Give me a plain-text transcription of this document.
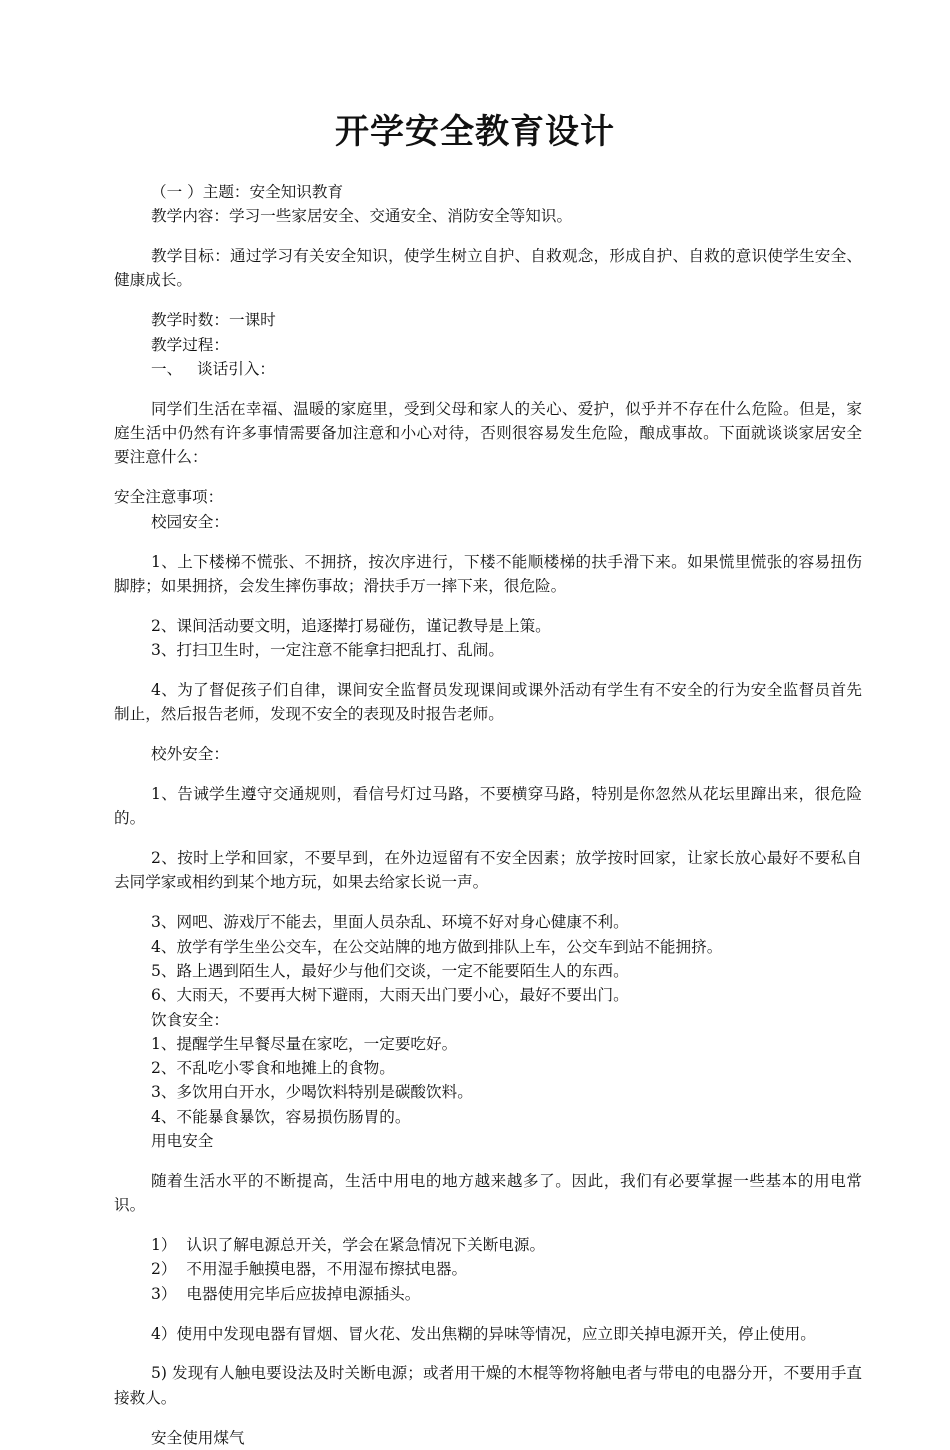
开学安全教育设计

（一 ）主题：安全知识教育

教学内容：学习一些家居安全、交通安全、消防安全等知识。

教学目标：通过学习有关安全知识，使学生树立自护、自救观念，形成自护、自救的意识使学生安全、健康成长。

教学时数：一课时

教学过程：

一、   谈话引入：

同学们生活在幸福、温暖的家庭里，受到父母和家人的关心、爱护，似乎并不存在什么危险。但是，家庭生活中仍然有许多事情需要备加注意和小心对待，否则很容易发生危险，酿成事故。下面就谈谈家居安全要注意什么：

安全注意事项：

校园安全：

1、上下楼梯不慌张、不拥挤，按次序进行，下楼不能顺楼梯的扶手滑下来。如果慌里慌张的容易扭伤脚脖；如果拥挤，会发生摔伤事故；滑扶手万一摔下来，很危险。

2、课间活动要文明，追逐撵打易碰伤，谨记教导是上策。

3、打扫卫生时，一定注意不能拿扫把乱打、乱闹。

4、为了督促孩子们自律，课间安全监督员发现课间或课外活动有学生有不安全的行为安全监督员首先制止，然后报告老师，发现不安全的表现及时报告老师。

校外安全：

1、告诫学生遵守交通规则，看信号灯过马路，不要横穿马路，特别是你忽然从花坛里蹿出来，很危险的。

2、按时上学和回家，不要早到，在外边逗留有不安全因素；放学按时回家，让家长放心最好不要私自去同学家或相约到某个地方玩，如果去给家长说一声。

3、网吧、游戏厅不能去，里面人员杂乱、环境不好对身心健康不利。

4、放学有学生坐公交车，在公交站牌的地方做到排队上车，公交车到站不能拥挤。

5、路上遇到陌生人，最好少与他们交谈，一定不能要陌生人的东西。

6、大雨天，不要再大树下避雨，大雨天出门要小心，最好不要出门。

饮食安全：

1、提醒学生早餐尽量在家吃，一定要吃好。

2、不乱吃小零食和地摊上的食物。

3、多饮用白开水，少喝饮料特别是碳酸饮料。

4、不能暴食暴饮，容易损伤肠胃的。

用电安全

随着生活水平的不断提高，生活中用电的地方越来越多了。因此，我们有必要掌握一些基本的用电常识。

1）  认识了解电源总开关，学会在紧急情况下关断电源。

2）  不用湿手触摸电器，不用湿布擦拭电器。

3）  电器使用完毕后应拔掉电源插头。

4）使用中发现电器有冒烟、冒火花、发出焦糊的异味等情况，应立即关掉电源开关，停止使用。

5) 发现有人触电要设法及时关断电源；或者用干燥的木棍等物将触电者与带电的电器分开，不要用手直接救人。

安全使用煤气
